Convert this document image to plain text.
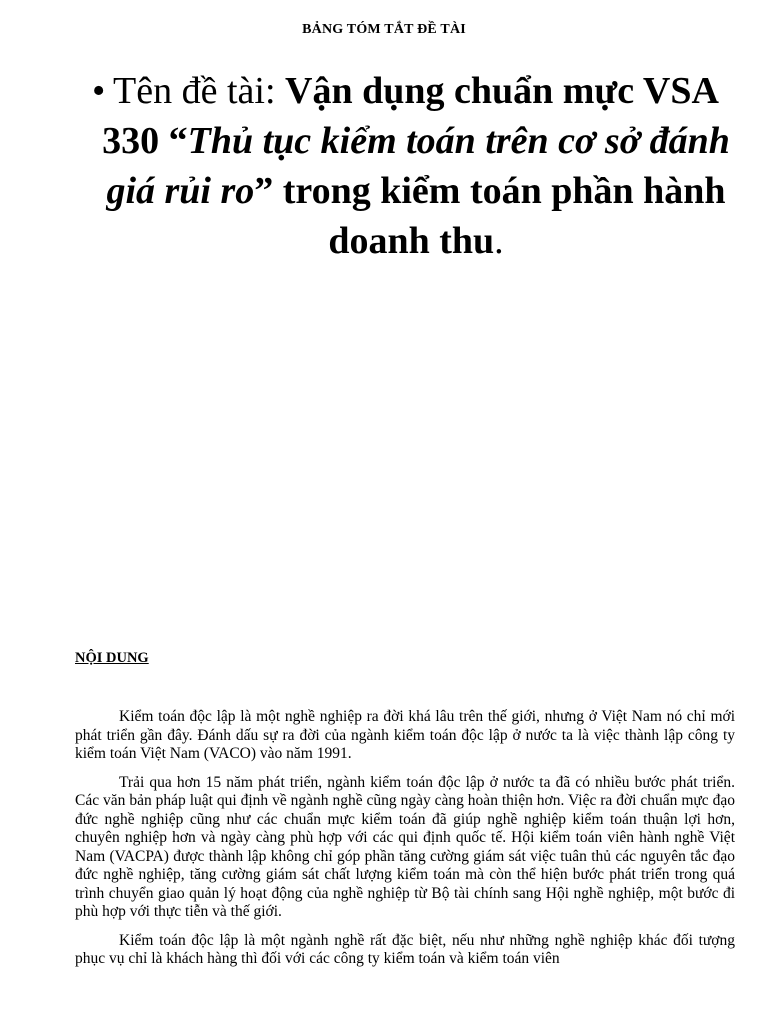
BẢNG TÓM TẮT ĐỀ TÀI
• Tên đề tài: Vận dụng chuẩn mực VSA 330 “Thủ tục kiểm toán trên cơ sở đánh giá rủi ro” trong kiểm toán phần hành doanh thu.
NỘI DUNG

Kiểm toán độc lập là một nghề nghiệp ra đời khá lâu trên thế giới, nhưng ở Việt Nam nó chỉ mới phát triển gần đây. Đánh dấu sự ra đời của ngành kiểm toán độc lập ở nước ta là việc thành lập công ty kiểm toán Việt Nam (VACO) vào năm 1991.

Trải qua hơn 15 năm phát triển, ngành kiểm toán độc lập ở nước ta đã có nhiều bước phát triển. Các văn bản pháp luật qui định về ngành nghề cũng ngày càng hoàn thiện hơn. Việc ra đời chuẩn mực đạo đức nghề nghiệp cũng như các chuẩn mực kiểm toán đã giúp nghề nghiệp kiểm toán thuận lợi hơn, chuyên nghiệp hơn và ngày càng phù hợp với các qui định quốc tế. Hội kiểm toán viên hành nghề Việt Nam (VACPA) được thành lập không chỉ góp phần tăng cường giám sát việc tuân thủ các nguyên tắc đạo đức nghề nghiệp, tăng cường giám sát chất lượng kiểm toán mà còn thể hiện bước phát triển trong quá trình chuyển giao quản lý hoạt động của nghề nghiệp từ Bộ tài chính sang Hội nghề nghiệp, một bước đi phù hợp với thực tiễn và thế giới.

Kiểm toán độc lập là một ngành nghề rất đặc biệt, nếu như những nghề nghiệp khác đối tượng phục vụ chỉ là khách hàng thì đối với các công ty kiểm toán và kiểm toán viên
